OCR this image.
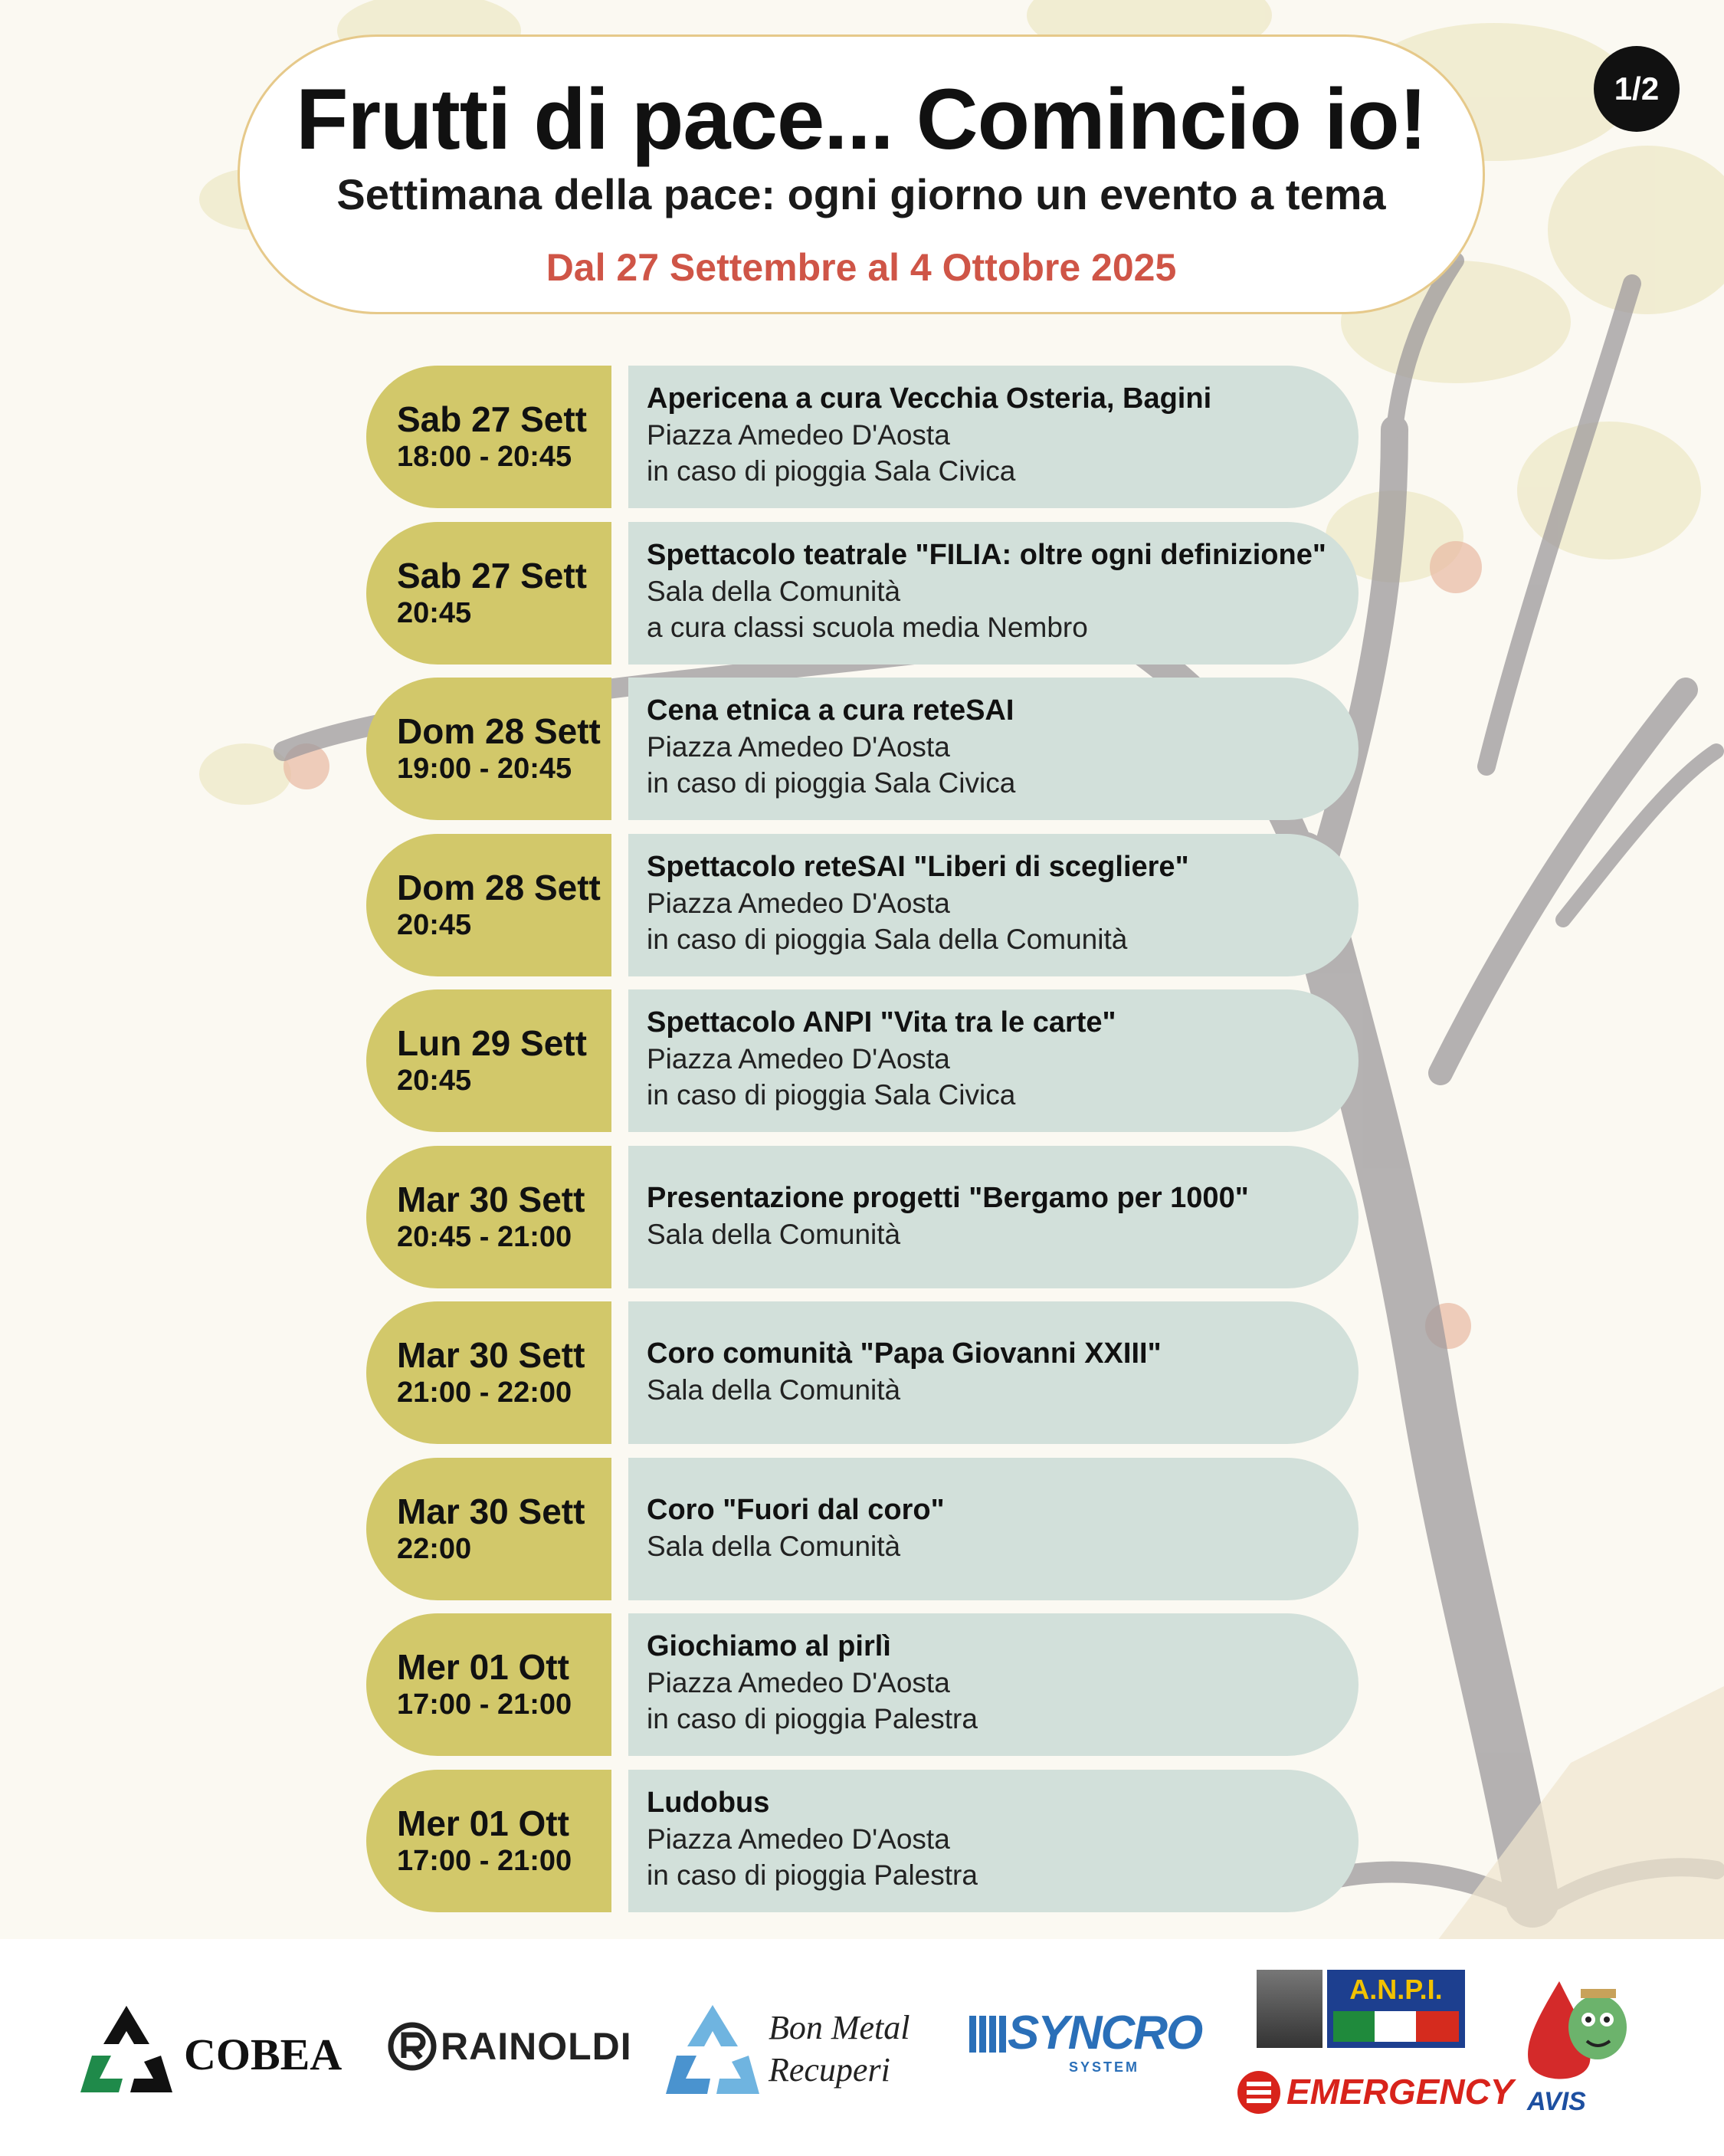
Frutti di pace... Comincio io!
Settimana della pace: ogni giorno un evento a tema
Dal 27 Settembre al 4 Ottobre 2025
1/2
Sab 27 Sett
18:00 - 20:45
Apericena a cura Vecchia Osteria, Bagini
Piazza Amedeo D'Aosta
in caso di pioggia Sala Civica
Sab 27 Sett
20:45
Spettacolo teatrale "FILIA: oltre ogni definizione"
Sala della Comunità
a cura classi scuola media Nembro
Dom 28 Sett
19:00 - 20:45
Cena etnica a cura reteSAI
Piazza Amedeo D'Aosta
in caso di pioggia Sala Civica
Dom 28 Sett
20:45
Spettacolo reteSAI "Liberi di scegliere"
Piazza Amedeo D'Aosta
in caso di pioggia Sala della Comunità
Lun 29 Sett
20:45
Spettacolo ANPI "Vita tra le carte"
Piazza Amedeo D'Aosta
in caso di pioggia Sala Civica
Mar 30 Sett
20:45 - 21:00
Presentazione progetti "Bergamo per 1000"
Sala della Comunità
Mar 30 Sett
21:00 - 22:00
Coro comunità "Papa Giovanni XXIII"
Sala della Comunità
Mar 30 Sett
22:00
Coro "Fuori dal coro"
Sala della Comunità
Mer 01 Ott
17:00 - 21:00
Giochiamo al pirlì
Piazza Amedeo D'Aosta
in caso di pioggia Palestra
Mer 01 Ott
17:00 - 21:00
Ludobus
Piazza Amedeo D'Aosta
in caso di pioggia Palestra
COBEA	RAINOLDI	Bon Metal Recuperi
SYNCRO
SYSTEM
A.N.P.I.
EMERGENCY AVIS
